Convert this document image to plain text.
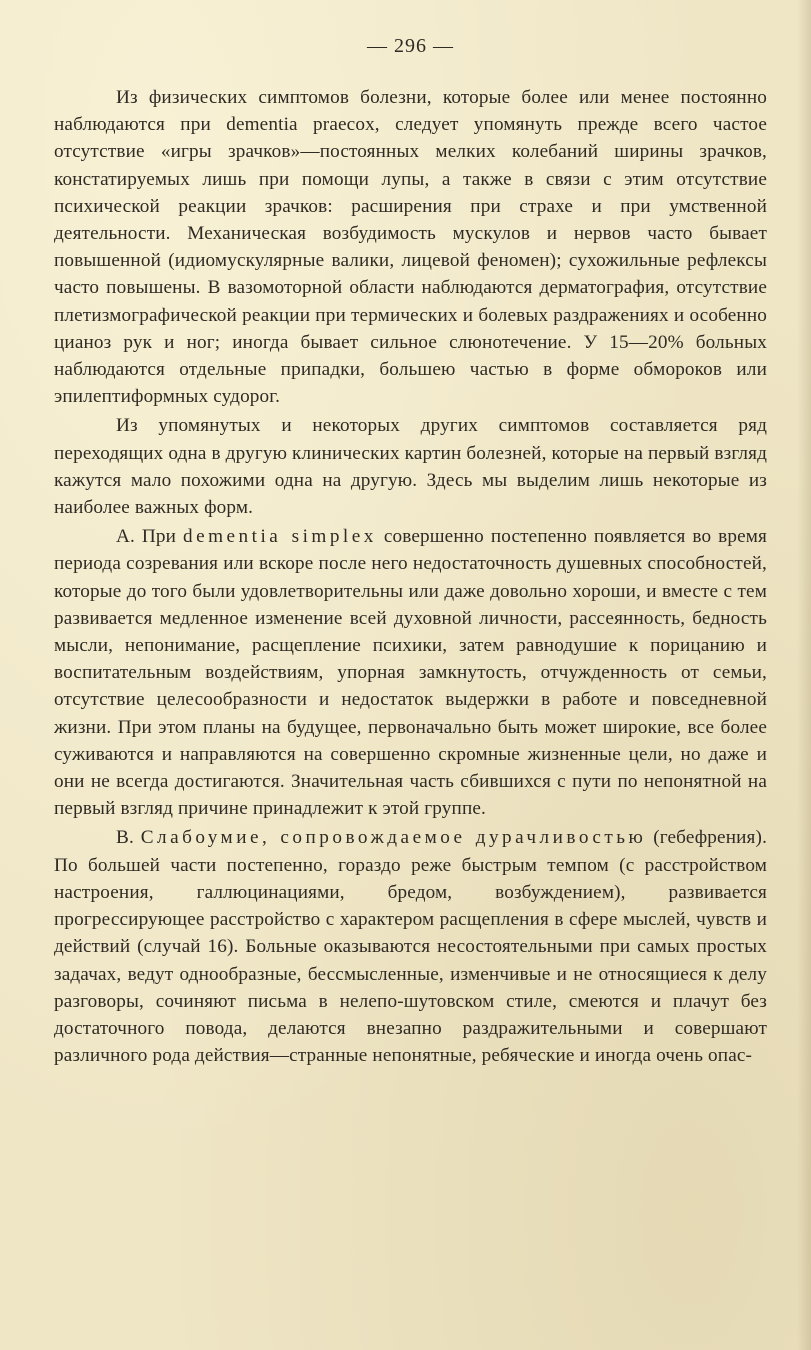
— 296 —

Из физических симптомов болезни, которые более или менее постоянно наблюдаются при dementia praecox, следует упомянуть прежде всего частое отсутствие «игры зрачков»—постоянных мелких колебаний ширины зрачков, констатируемых лишь при помощи лупы, а также в связи с этим отсутствие психической реакции зрачков: расширения при страхе и при умственной деятельности. Механическая возбудимость мускулов и нервов часто бывает повышенной (идиомускулярные валики, лицевой феномен); сухожильные рефлексы часто повышены. В вазомоторной области наблюдаются дерматография, отсутствие плетизмографической реакции при термических и болевых раздражениях и особенно цианоз рук и ног; иногда бывает сильное слюнотечение. У 15—20% больных наблюдаются отдельные припадки, большею частью в форме обмороков или эпилептиформных судорог.

Из упомянутых и некоторых других симптомов составляется ряд переходящих одна в другую клинических картин болезней, которые на первый взгляд кажутся мало похожими одна на другую. Здесь мы выделим лишь некоторые из наиболее важных форм.

А. При dementia simplex совершенно постепенно появляется во время периода созревания или вскоре после него недостаточность душевных способностей, которые до того были удовлетворительны или даже довольно хороши, и вместе с тем развивается медленное изменение всей духовной личности, рассеянность, бедность мысли, непонимание, расщепление психики, затем равнодушие к порицанию и воспитательным воздействиям, упорная замкнутость, отчужденность от семьи, отсутствие целесообразности и недостаток выдержки в работе и повседневной жизни. При этом планы на будущее, первоначально быть может широкие, все более суживаются и направляются на совершенно скромные жизненные цели, но даже и они не всегда достигаются. Значительная часть сбившихся с пути по непонятной на первый взгляд причине принадлежит к этой группе.

В. Слабоумие, сопровождаемое дурачливостью (гебефрения). По большей части постепенно, гораздо реже быстрым темпом (с расстройством настроения, галлюцинациями, бредом, возбуждением), развивается прогрессирующее расстройство с характером расщепления в сфере мыслей, чувств и действий (случай 16). Больные оказываются несостоятельными при самых простых задачах, ведут однообразные, бессмысленные, изменчивые и не относящиеся к делу разговоры, сочиняют письма в нелепо-шутовском стиле, смеются и плачут без достаточного повода, делаются внезапно раздражительными и совершают различного рода действия—странные непонятные, ребяческие и иногда очень опас-
